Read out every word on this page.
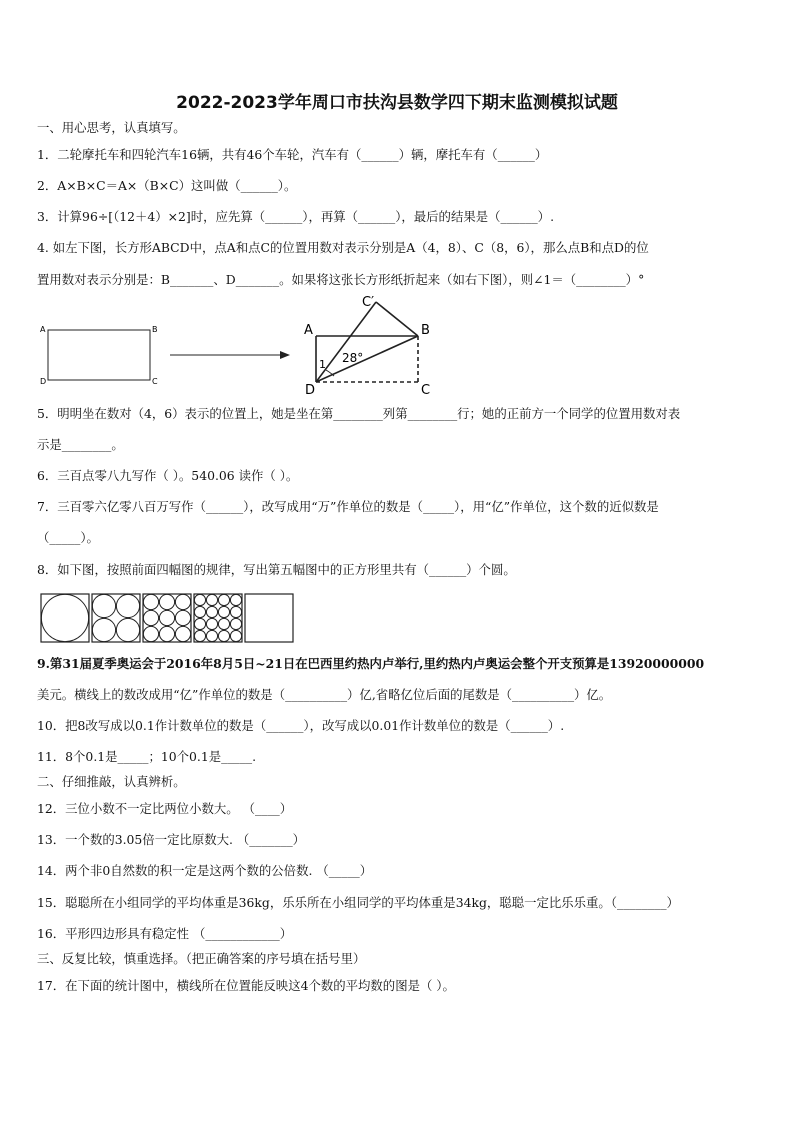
2022-2023学年周口市扶沟县数学四下期末监测模拟试题
一、用心思考，认真填写。
1．二轮摩托车和四轮汽车16辆，共有46个车轮，汽车有（______）辆，摩托车有（______）
2．A×B×C＝A×（B×C）这叫做（______）。
3．计算96÷[（12＋4）×2]时，应先算（______），再算（______），最后的结果是（______）.
4. 如左下图，长方形ABCD中，点A和点C的位置用数对表示分别是A（4，8）、C（8，6），那么点B和点D的位
置用数对表示分别是：B_______、D_______。如果将这张长方形纸折起来（如右下图），则∠1＝（________）°
A	B
D	C
A	B
C
D
C′
1 28°
5．明明坐在数对（4，6）表示的位置上，她是坐在第________列第________行；她的正前方一个同学的位置用数对表
示是________。
6．三百点零八九写作（ ）。540.06 读作（ ）。
7．三百零六亿零八百万写作（______），改写成用“万”作单位的数是（_____），用“亿”作单位，这个数的近似数是
（_____）。
8．如下图，按照前面四幅图的规律，写出第五幅图中的正方形里共有（______）个圆。
9.第31届夏季奥运会于2016年8月5日~21日在巴西里约热内卢举行,里约热内卢奥运会整个开支预算是13920000000
美元。横线上的数改成用“亿”作单位的数是（__________）亿,省略亿位后面的尾数是（__________）亿。
10．把8改写成以0.1作计数单位的数是（______），改写成以0.01作计数单位的数是（______）.
11．8个0.1是_____；10个0.1是_____.
二、仔细推敲，认真辨析。
12．三位小数不一定比两位小数大。 （____）
13．一个数的3.05倍一定比原数大. （_______）
14．两个非0自然数的积一定是这两个数的公倍数. （_____）
15．聪聪所在小组同学的平均体重是36kg，乐乐所在小组同学的平均体重是34kg，聪聪一定比乐乐重。（________）
16．平形四边形具有稳定性 （____________）
三、反复比较，慎重选择。（把正确答案的序号填在括号里）
17．在下面的统计图中，横线所在位置能反映这4个数的平均数的图是（ ）。
